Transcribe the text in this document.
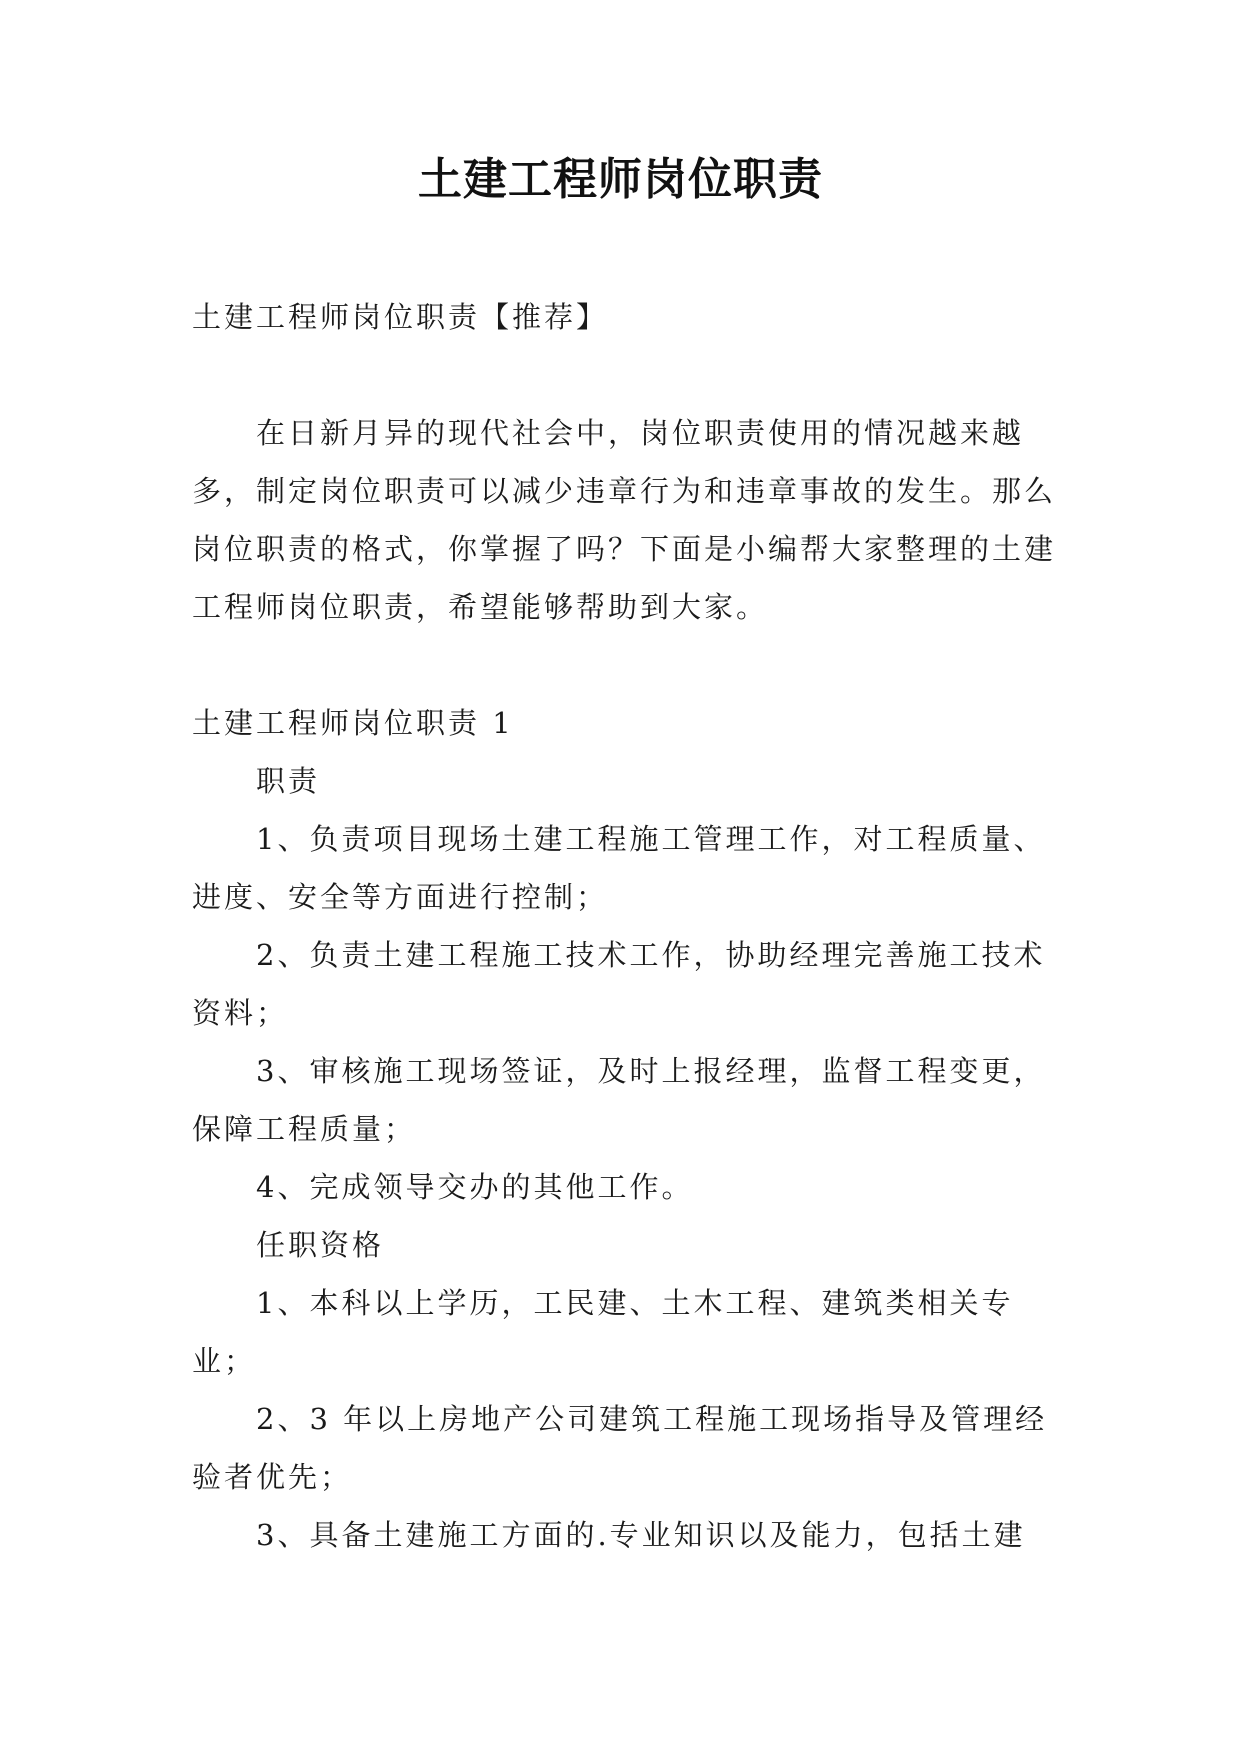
土建工程师岗位职责

土建工程师岗位职责【推荐】

在日新月异的现代社会中，岗位职责使用的情况越来越多，制定岗位职责可以减少违章行为和违章事故的发生。那么岗位职责的格式，你掌握了吗？下面是小编帮大家整理的土建工程师岗位职责，希望能够帮助到大家。

土建工程师岗位职责 1

职责

1、负责项目现场土建工程施工管理工作，对工程质量、进度、安全等方面进行控制；

2、负责土建工程施工技术工作，协助经理完善施工技术资料；

3、审核施工现场签证，及时上报经理，监督工程变更，保障工程质量；

4、完成领导交办的其他工作。

任职资格

1、本科以上学历，工民建、土木工程、建筑类相关专业；

2、3 年以上房地产公司建筑工程施工现场指导及管理经验者优先；

3、具备土建施工方面的.专业知识以及能力，包括土建
